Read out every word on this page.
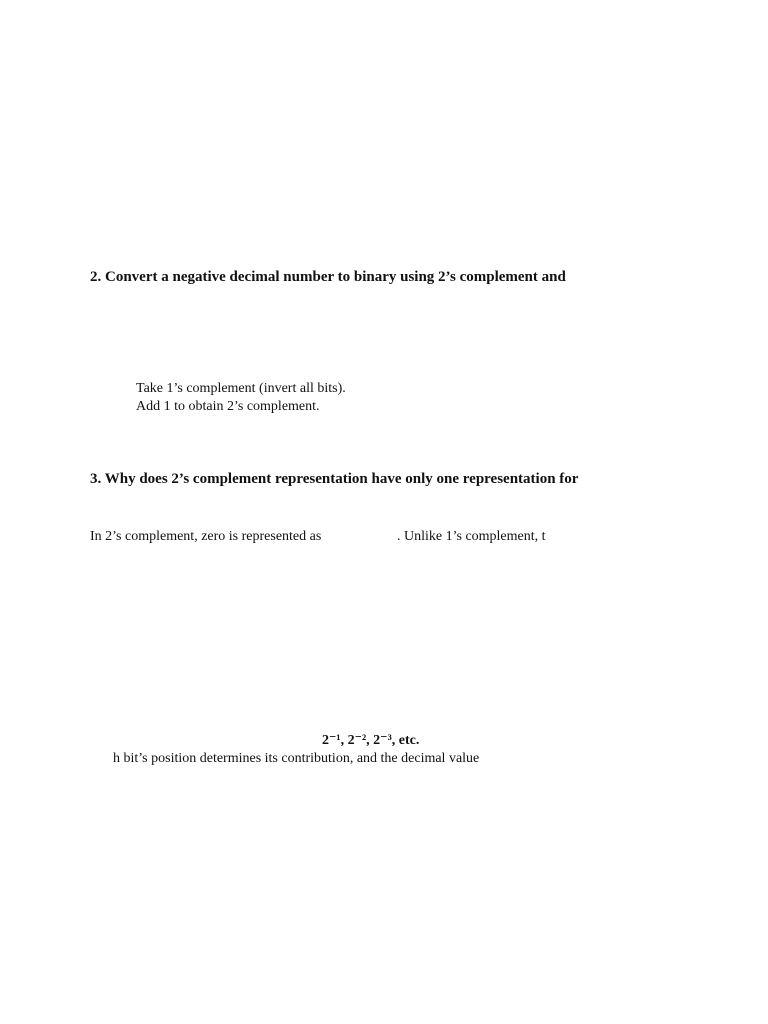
2. Convert a negative decimal number to binary using 2’s complement and
Take 1’s complement (invert all bits).
Add 1 to obtain 2’s complement.
3. Why does 2’s complement representation have only one representation for
In 2’s complement, zero is represented as	. Unlike 1’s complement, t
2⁻¹, 2⁻², 2⁻³, etc.
h bit’s position determines its contribution, and the decimal value
